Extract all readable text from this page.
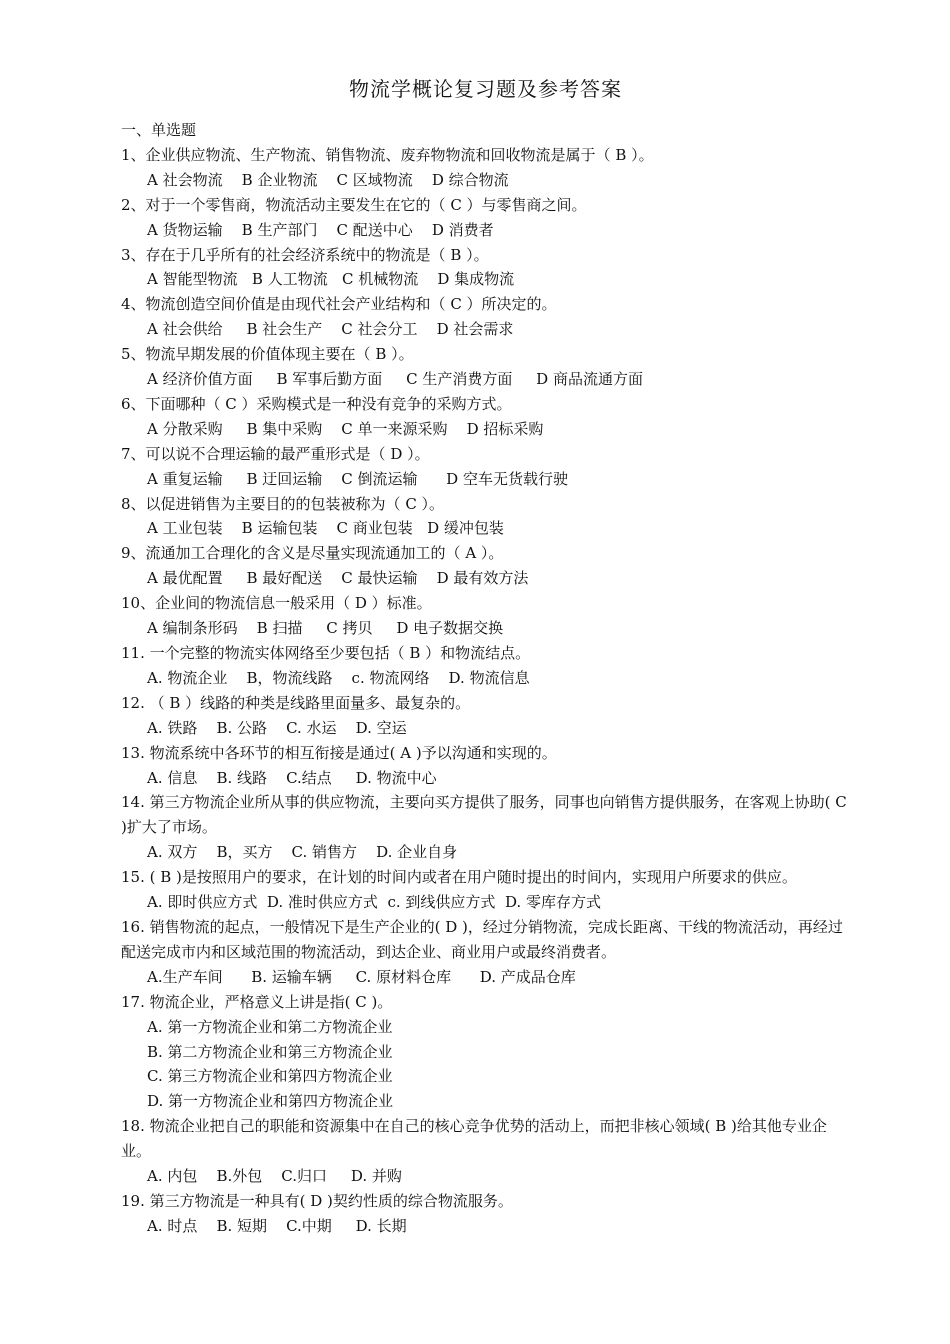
物流学概论复习题及参考答案
一、单选题
1、企业供应物流、生产物流、销售物流、废弃物物流和回收物流是属于（ B ）。
A 社会物流    B 企业物流    C 区域物流    D 综合物流
2、对于一个零售商，物流活动主要发生在它的（ C ）与零售商之间。
A 货物运输    B 生产部门    C 配送中心    D 消费者
3、存在于几乎所有的社会经济系统中的物流是（ B ）。
A 智能型物流   B 人工物流   C 机械物流    D 集成物流
4、物流创造空间价值是由现代社会产业结构和（ C ）所决定的。
A 社会供给     B 社会生产    C 社会分工    D 社会需求
5、物流早期发展的价值体现主要在（ B ）。
A 经济价值方面     B 军事后勤方面     C 生产消费方面     D 商品流通方面
6、下面哪种（ C ）采购模式是一种没有竞争的采购方式。
A 分散采购     B 集中采购    C 单一来源采购    D 招标采购
7、可以说不合理运输的最严重形式是（ D ）。
A 重复运输     B 迂回运输    C 倒流运输      D 空车无货载行驶
8、以促进销售为主要目的的包装被称为（ C ）。
A 工业包装    B 运输包装    C 商业包装   D 缓冲包装
9、流通加工合理化的含义是尽量实现流通加工的（ A ）。
A 最优配置     B 最好配送    C 最快运输    D 最有效方法
10、企业间的物流信息一般采用（ D ）标准。
A 编制条形码    B 扫描     C 拷贝     D 电子数据交换
11. 一个完整的物流实体网络至少要包括（ B ）和物流结点。
A. 物流企业    B，物流线路    c. 物流网络    D. 物流信息
12. （ B ）线路的种类是线路里面量多、最复杂的。
A. 铁路    B. 公路    C. 水运    D. 空运
13. 物流系统中各环节的相互衔接是通过( A )予以沟通和实现的。
A. 信息    B. 线路    C.结点     D. 物流中心
14. 第三方物流企业所从事的供应物流，主要向买方提供了服务，同事也向销售方提供服务，在客观上协助( C )扩大了市场。
A. 双方    B，买方    C. 销售方    D. 企业自身
15. ( B )是按照用户的要求，在计划的时间内或者在用户随时提出的时间内，实现用户所要求的供应。
A. 即时供应方式  D. 准时供应方式  c. 到线供应方式  D. 零库存方式
16. 销售物流的起点，一般情况下是生产企业的( D )，经过分销物流，完成长距离、干线的物流活动，再经过配送完成市内和区域范围的物流活动，到达企业、商业用户或最终消费者。
A.生产车间      B. 运输车辆     C. 原材料仓库      D. 产成品仓库
17. 物流企业，严格意义上讲是指( C )。
A. 第一方物流企业和第二方物流企业
B. 第二方物流企业和第三方物流企业
C. 第三方物流企业和第四方物流企业
D. 第一方物流企业和第四方物流企业
18. 物流企业把自己的职能和资源集中在自己的核心竞争优势的活动上，而把非核心领域( B )给其他专业企业。
A. 内包    B.外包    C.归口     D. 并购
19. 第三方物流是一种具有( D )契约性质的综合物流服务。
A. 时点    B. 短期    C.中期     D. 长期
